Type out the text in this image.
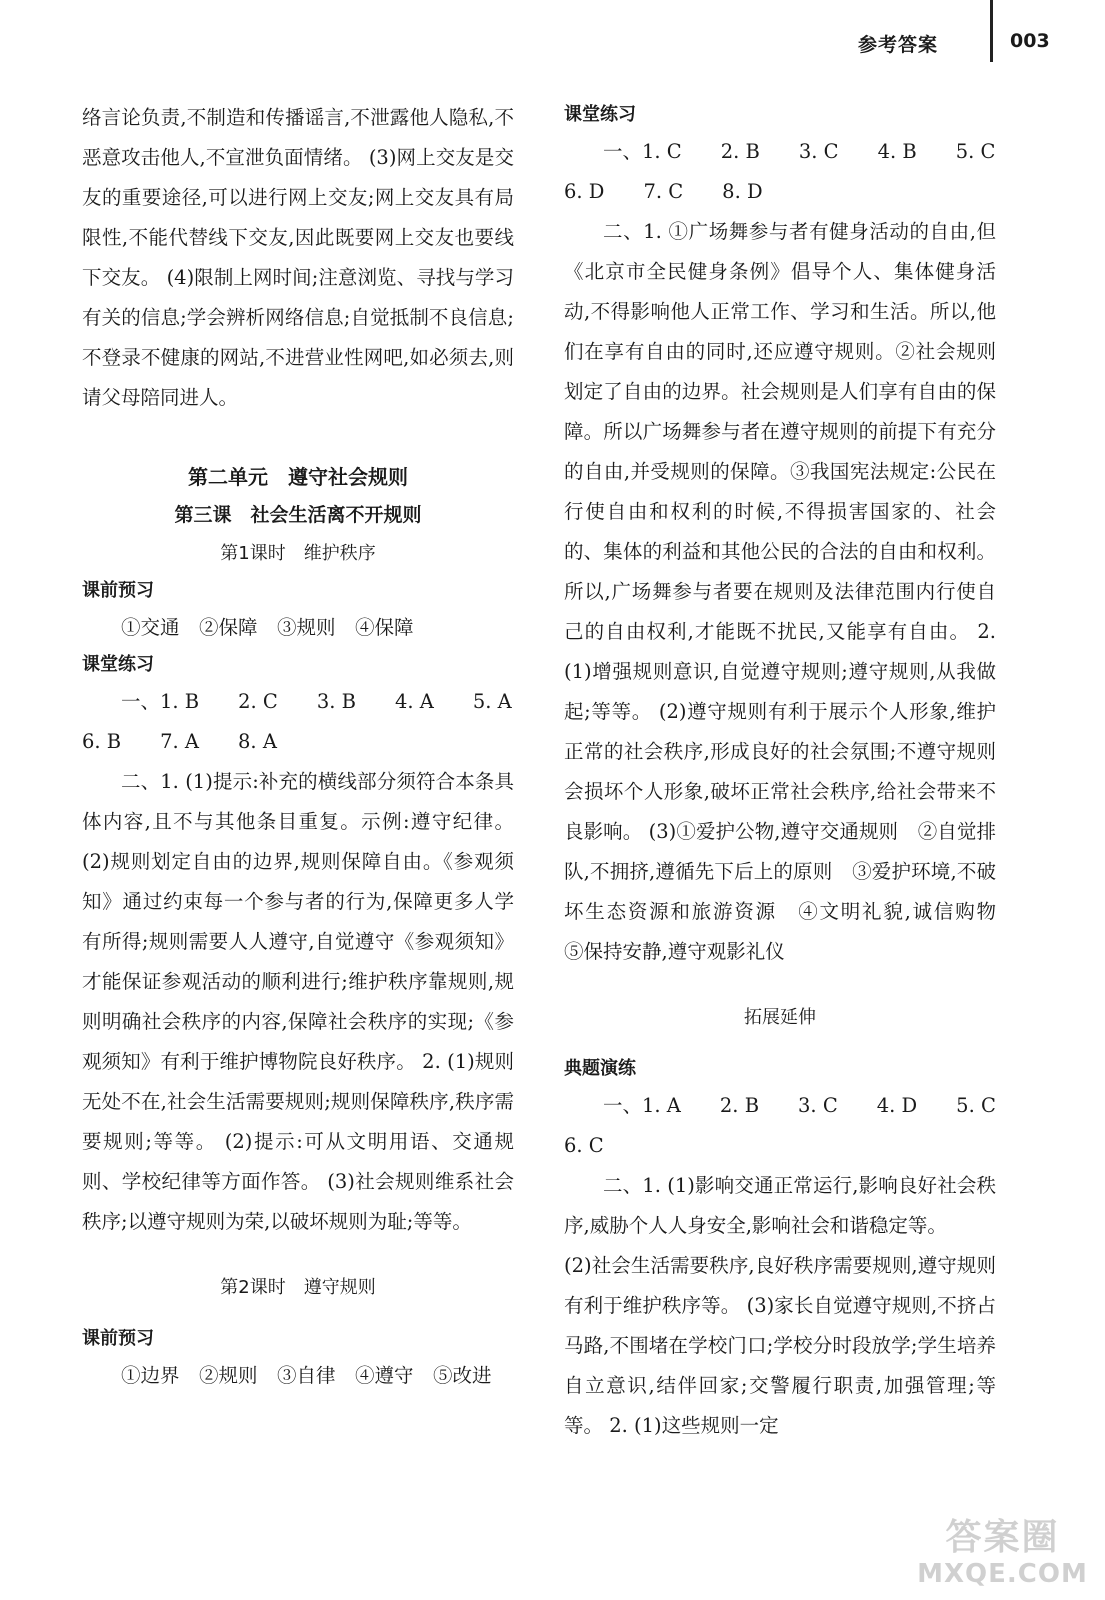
参考答案	003

络言论负责,不制造和传播谣言,不泄露他人隐私,不恶意攻击他人,不宣泄负面情绪。 (3)网上交友是交友的重要途径,可以进行网上交友;网上交友具有局限性,不能代替线下交友,因此既要网上交友也要线下交友。 (4)限制上网时间;注意浏览、寻找与学习有关的信息;学会辨析网络信息;自觉抵制不良信息;不登录不健康的网站,不进营业性网吧,如必须去,则请父母陪同进人。

第二单元　遵守社会规则

第三课　社会生活离不开规则

第1课时　维护秩序

课前预习

①交通　②保障　③规则　④保障

课堂练习

一、1. B　　2. C　　3. B　　4. A　　5. A

6. B　　7. A　　8. A

二、1. (1)提示:补充的横线部分须符合本条具体内容,且不与其他条目重复。示例:遵守纪律。 (2)规则划定自由的边界,规则保障自由。《参观须知》通过约束每一个参与者的行为,保障更多人学有所得;规则需要人人遵守,自觉遵守《参观须知》才能保证参观活动的顺利进行;维护秩序靠规则,规则明确社会秩序的内容,保障社会秩序的实现;《参观须知》有利于维护博物院良好秩序。 2. (1)规则无处不在,社会生活需要规则;规则保障秩序,秩序需要规则;等等。 (2)提示:可从文明用语、交通规则、学校纪律等方面作答。 (3)社会规则维系社会秩序;以遵守规则为荣,以破坏规则为耻;等等。

第2课时　遵守规则

课前预习

①边界　②规则　③自律　④遵守　⑤改进

课堂练习

一、1. C　　2. B　　3. C　　4. B　　5. C

6. D　　7. C　　8. D

二、1. ①广场舞参与者有健身活动的自由,但《北京市全民健身条例》倡导个人、集体健身活动,不得影响他人正常工作、学习和生活。所以,他们在享有自由的同时,还应遵守规则。②社会规则划定了自由的边界。社会规则是人们享有自由的保障。所以广场舞参与者在遵守规则的前提下有充分的自由,并受规则的保障。③我国宪法规定:公民在行使自由和权利的时候,不得损害国家的、社会的、集体的利益和其他公民的合法的自由和权利。所以,广场舞参与者要在规则及法律范围内行使自己的自由权利,才能既不扰民,又能享有自由。 2. (1)增强规则意识,自觉遵守规则;遵守规则,从我做起;等等。 (2)遵守规则有利于展示个人形象,维护正常的社会秩序,形成良好的社会氛围;不遵守规则会损坏个人形象,破坏正常社会秩序,给社会带来不良影响。 (3)①爱护公物,遵守交通规则　②自觉排队,不拥挤,遵循先下后上的原则　③爱护环境,不破坏生态资源和旅游资源　④文明礼貌,诚信购物　⑤保持安静,遵守观影礼仪

拓展延伸

典题演练

一、1. A　　2. B　　3. C　　4. D　　5. C

6. C

二、1. (1)影响交通正常运行,影响良好社会秩序,威胁个人人身安全,影响社会和谐稳定等。

(2)社会生活需要秩序,良好秩序需要规则,遵守规则有利于维护秩序等。 (3)家长自觉遵守规则,不挤占马路,不围堵在学校门口;学校分时段放学;学生培养自立意识,结伴回家;交警履行职责,加强管理;等等。 2. (1)这些规则一定

答案圈
MXQE.COM
